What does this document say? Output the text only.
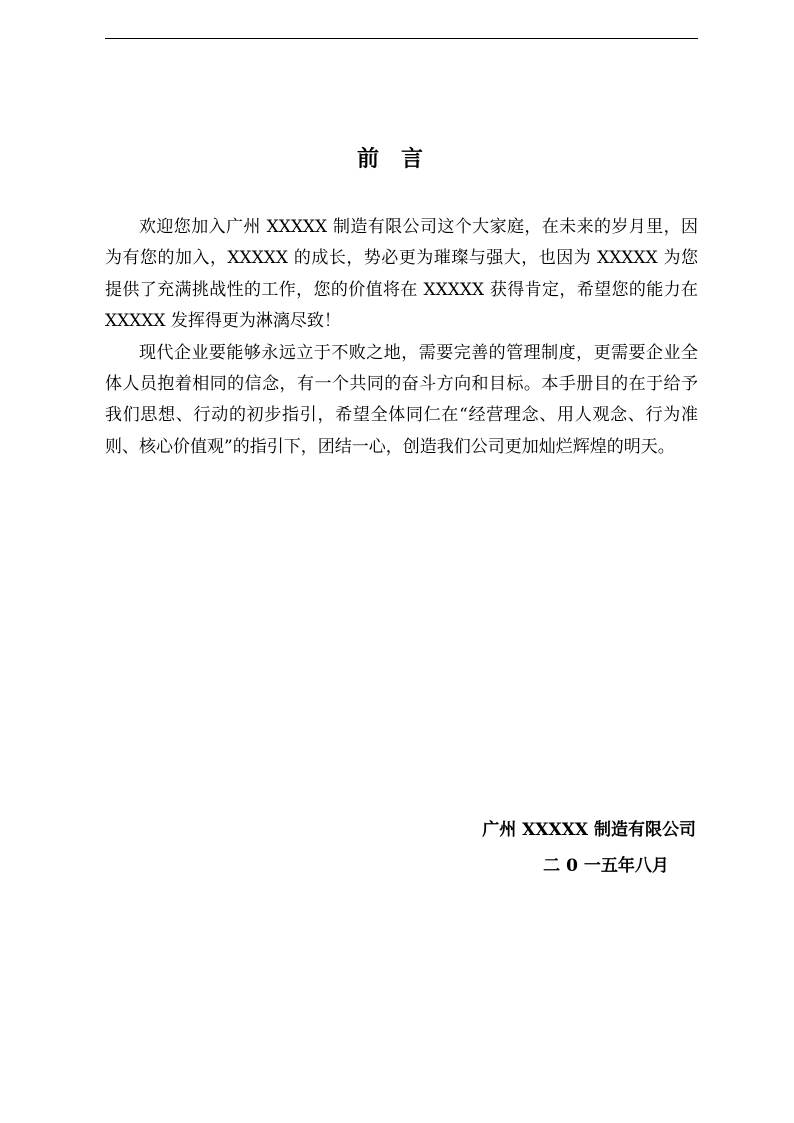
前言

欢迎您加入广州 XXXXX 制造有限公司这个大家庭，在未来的岁月里，因为有您的加入，XXXXX 的成长，势必更为璀璨与强大，也因为 XXXXX 为您提供了充满挑战性的工作，您的价值将在 XXXXX 获得肯定，希望您的能力在 XXXXX 发挥得更为淋漓尽致！

现代企业要能够永远立于不败之地，需要完善的管理制度，更需要企业全体人员抱着相同的信念，有一个共同的奋斗方向和目标。本手册目的在于给予我们思想、行动的初步指引，希望全体同仁在“经营理念、用人观念、行为准则、核心价值观”的指引下，团结一心，创造我们公司更加灿烂辉煌的明天。

广州 XXXXX 制造有限公司
二 0 一五年八月
